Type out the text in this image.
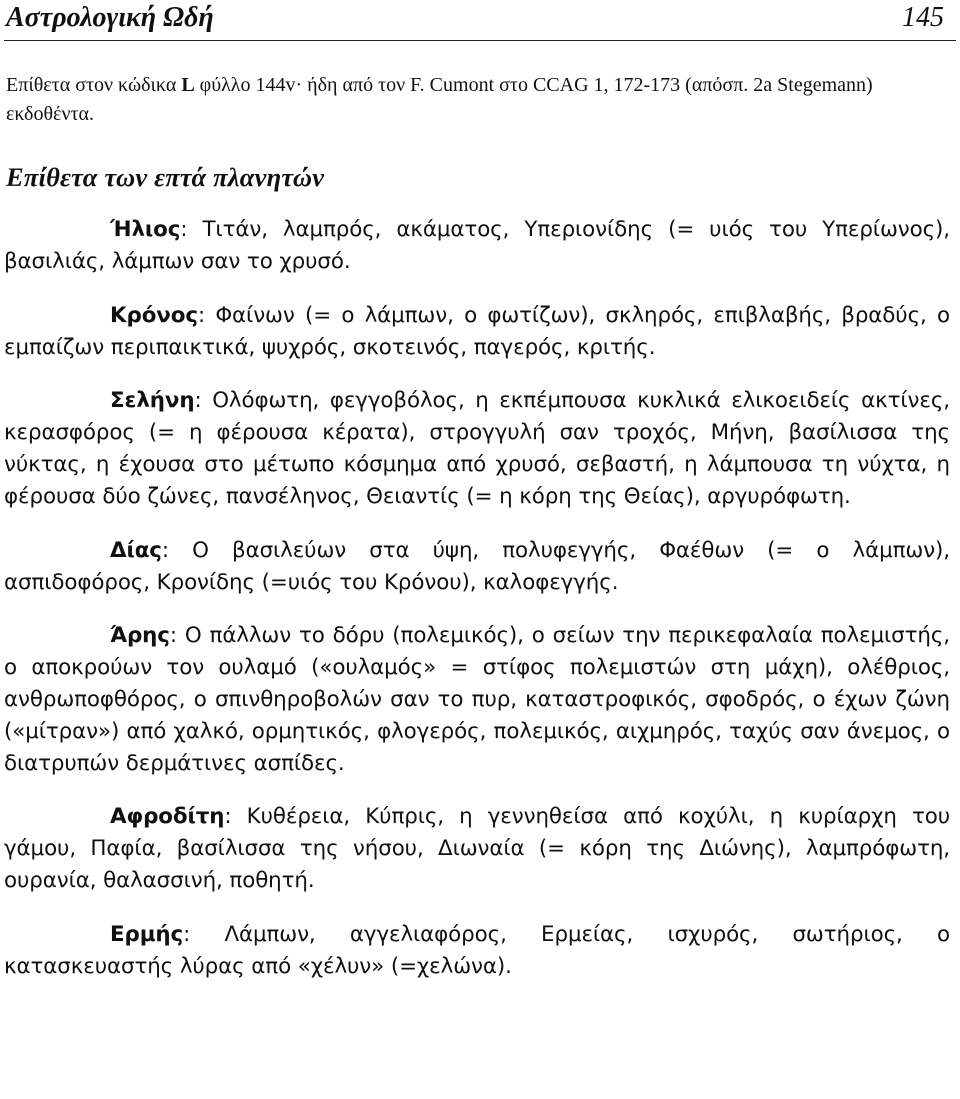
Αστρολογική Ωδή	145
Επίθετα στον κώδικα L φύλλο 144v· ήδη από τον F. Cumont στο CCAG 1, 172-173 (απόσπ. 2a Stegemann) εκδοθέντα.
Επίθετα των επτά πλανητών

Ήλιος: Τιτάν, λαμπρός, ακάματος, Υπεριονίδης (= υιός του Υπερίωνος), βασιλιάς, λάμπων σαν το χρυσό.

Κρόνος: Φαίνων (= ο λάμπων, ο φωτίζων), σκληρός, επιβλαβής, βραδύς, ο εμπαίζων περιπαικτικά, ψυχρός, σκοτεινός, παγερός, κριτής.

Σελήνη: Ολόφωτη, φεγγοβόλος, η εκπέμπουσα κυκλικά ελικοειδείς ακτίνες, κερασφόρος (= η φέρουσα κέρατα), στρογγυλή σαν τροχός, Μήνη, βασίλισσα της νύκτας, η έχουσα στο μέτωπο κόσμημα από χρυσό, σεβαστή, η λάμπουσα τη νύχτα, η φέρουσα δύο ζώνες, πανσέληνος, Θειαντίς (= η κόρη της Θείας), αργυρόφωτη.

Δίας: Ο βασιλεύων στα ύψη, πολυφεγγής, Φαέθων (= ο λάμπων), ασπιδοφόρος, Κρονίδης (=υιός του Κρόνου), καλοφεγγής.

Άρης: Ο πάλλων το δόρυ (πολεμικός), ο σείων την περικεφαλαία πολεμιστής, ο αποκρούων τον ουλαμό («ουλαμός» = στίφος πολεμιστών στη μάχη), ολέθριος, ανθρωποφθόρος, ο σπινθηροβολών σαν το πυρ, καταστροφικός, σφοδρός, ο έχων ζώνη («μίτραν») από χαλκό, ορμητικός, φλογερός, πολεμικός, αιχμηρός, ταχύς σαν άνεμος, ο διατρυπών δερμάτινες ασπίδες.

Αφροδίτη: Κυθέρεια, Κύπρις, η γεννηθείσα από κοχύλι, η κυρίαρχη του γάμου, Παφία, βασίλισσα της νήσου, Διωναία (= κόρη της Διώνης), λαμπρόφωτη, ουρανία, θαλασσινή, ποθητή.

Ερμής: Λάμπων, αγγελιαφόρος, Ερμείας, ισχυρός, σωτήριος, ο κατασκευαστής λύρας από «χέλυν» (=χελώνα).
